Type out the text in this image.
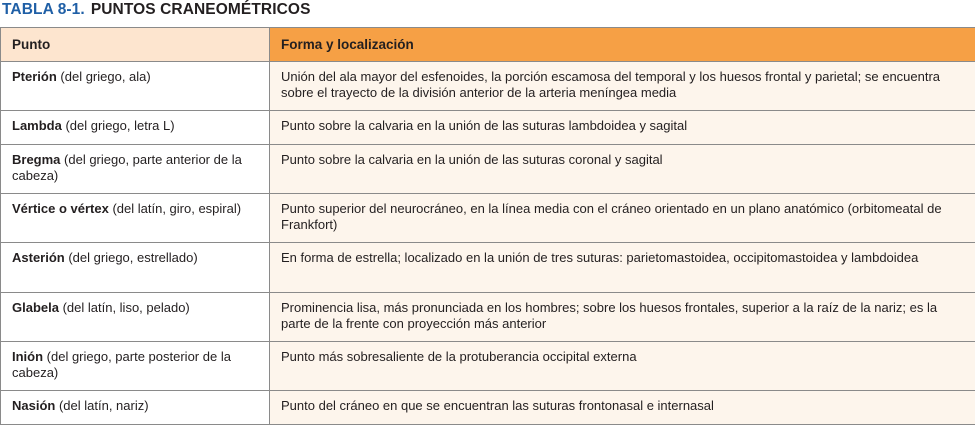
TABLA 8-1. PUNTOS CRANEOMÉTRICOS
Punto	Forma y localización
Pterión (del griego, ala)	Unión del ala mayor del esfenoides, la porción escamosa del temporal y los huesos frontal y parietal; se encuentra sobre el trayecto de la división anterior de la arteria meníngea media
Lambda (del griego, letra L)	Punto sobre la calvaria en la unión de las suturas lambdoidea y sagital
Bregma (del griego, parte anterior de la cabeza)	Punto sobre la calvaria en la unión de las suturas coronal y sagital
Vértice o vértex (del latín, giro, espiral)	Punto superior del neurocráneo, en la línea media con el cráneo orientado en un plano anatómico (orbitomeatal de Frankfort)
Asterión (del griego, estrellado)	En forma de estrella; localizado en la unión de tres suturas: parietomastoidea, occipitomastoidea y lambdoidea
Glabela (del latín, liso, pelado)	Prominencia lisa, más pronunciada en los hombres; sobre los huesos frontales, superior a la raíz de la nariz; es la parte de la frente con proyección más anterior
Inión (del griego, parte posterior de la cabeza)	Punto más sobresaliente de la protuberancia occipital externa
Nasión (del latín, nariz)	Punto del cráneo en que se encuentran las suturas frontonasal e internasal
